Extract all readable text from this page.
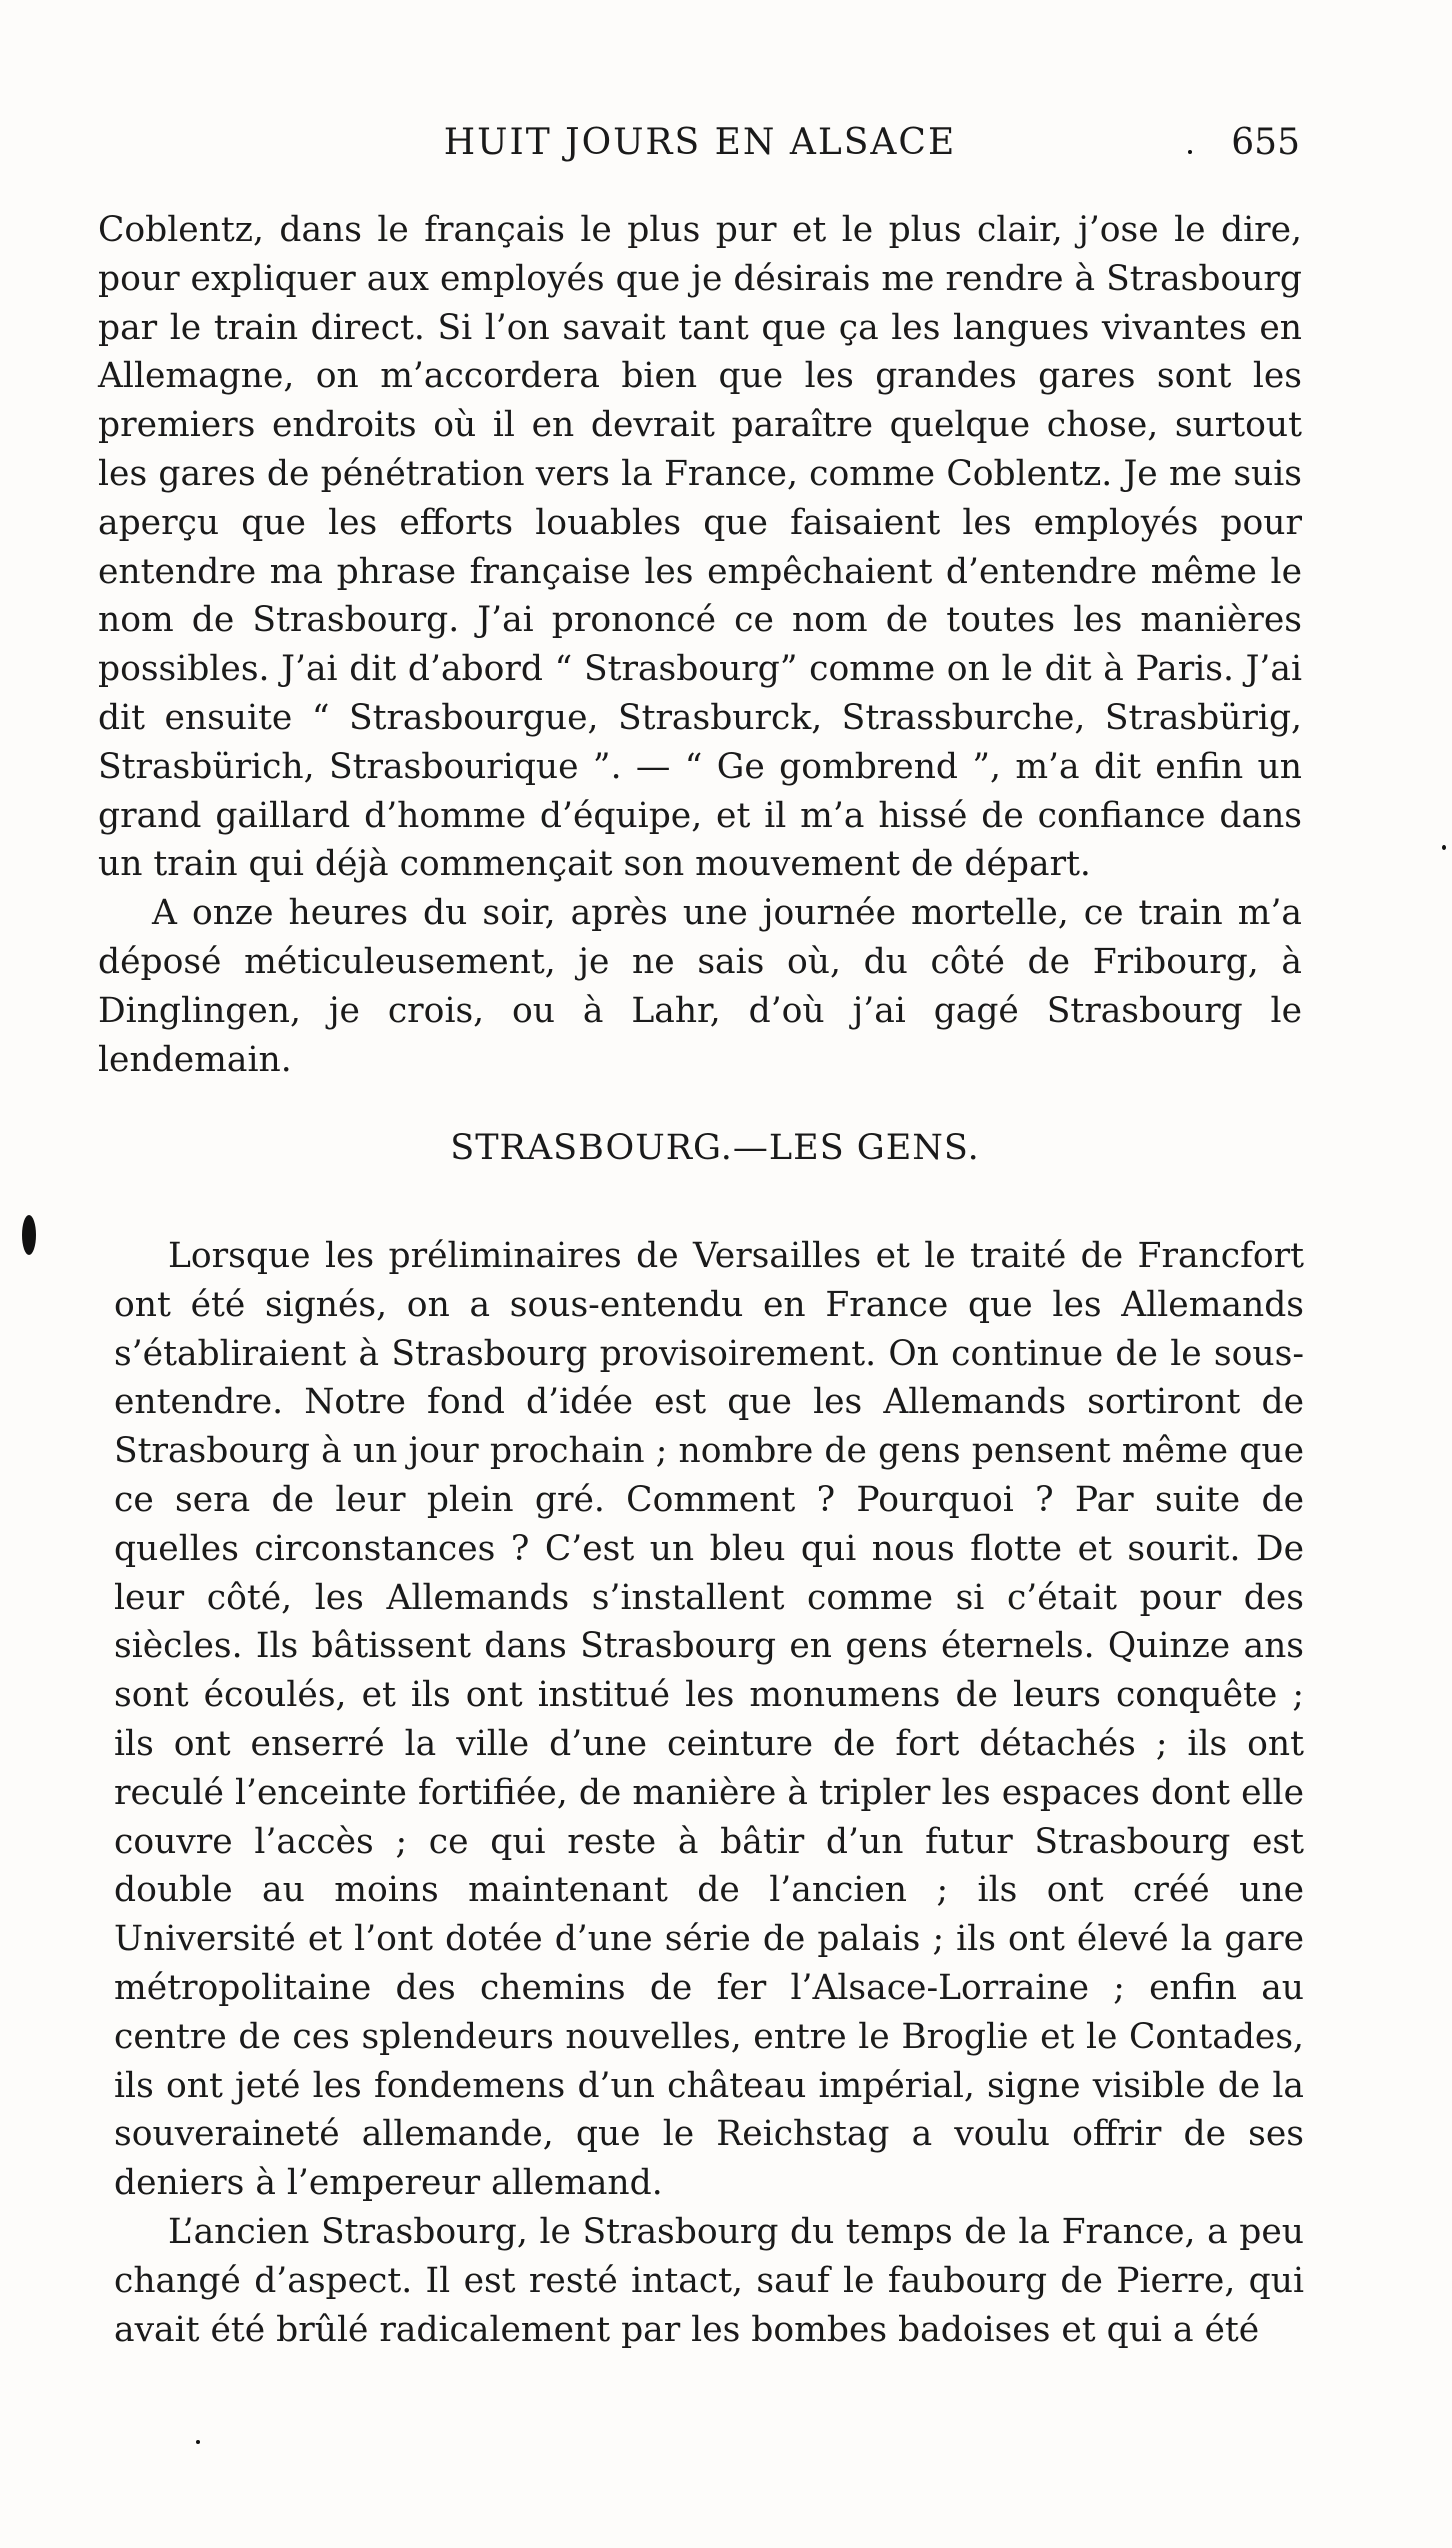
HUIT JOURS EN ALSACE	655

Coblentz, dans le français le plus pur et le plus clair, j’ose le dire, pour expliquer aux employés que je désirais me rendre à Strasbourg par le train direct. Si l’on savait tant que ça les langues vivantes en Allemagne, on m’accordera bien que les grandes gares sont les premiers endroits où il en devrait paraître quelque chose, surtout les gares de pénétration vers la France, comme Coblentz. Je me suis aperçu que les efforts louables que faisaient les employés pour entendre ma phrase française les empêchaient d’entendre même le nom de Strasbourg. J’ai prononcé ce nom de toutes les manières possibles. J’ai dit d’abord “ Strasbourg” comme on le dit à Paris. J’ai dit ensuite “ Strasbourgue, Strasburck, Strassburche, Strasbürig, Strasbürich, Strasbourique ”. — “ Ge gombrend ”, m’a dit enfin un grand gaillard d’homme d’équipe, et il m’a hissé de confiance dans un train qui déjà commençait son mouvement de départ.

A onze heures du soir, après une journée mortelle, ce train m’a déposé méticuleusement, je ne sais où, du côté de Fribourg, à Dinglingen, je crois, ou à Lahr, d’où j’ai gagé Strasbourg le lendemain.

STRASBOURG.—LES GENS.

Lorsque les préliminaires de Versailles et le traité de Francfort ont été signés, on a sous-entendu en France que les Allemands s’établiraient à Strasbourg provisoirement. On continue de le sous-entendre. Notre fond d’idée est que les Allemands sortiront de Strasbourg à un jour prochain ; nombre de gens pensent même que ce sera de leur plein gré. Comment ? Pourquoi ? Par suite de quelles circonstances ? C’est un bleu qui nous flotte et sourit. De leur côté, les Allemands s’installent comme si c’était pour des siècles. Ils bâtissent dans Strasbourg en gens éternels. Quinze ans sont écoulés, et ils ont institué les monumens de leurs conquête ; ils ont enserré la ville d’une ceinture de fort détachés ; ils ont reculé l’enceinte fortifiée, de manière à tripler les espaces dont elle couvre l’accès ; ce qui reste à bâtir d’un futur Strasbourg est double au moins maintenant de l’ancien ; ils ont créé une Université et l’ont dotée d’une série de palais ; ils ont élevé la gare métropolitaine des chemins de fer l’Alsace-Lorraine ; enfin au centre de ces splendeurs nouvelles, entre le Broglie et le Contades, ils ont jeté les fondemens d’un château impérial, signe visible de la souveraineté allemande, que le Reichstag a voulu offrir de ses deniers à l’empereur allemand.

L’ancien Strasbourg, le Strasbourg du temps de la France, a peu changé d’aspect. Il est resté intact, sauf le faubourg de Pierre, qui avait été brûlé radicalement par les bombes badoises et qui a été
